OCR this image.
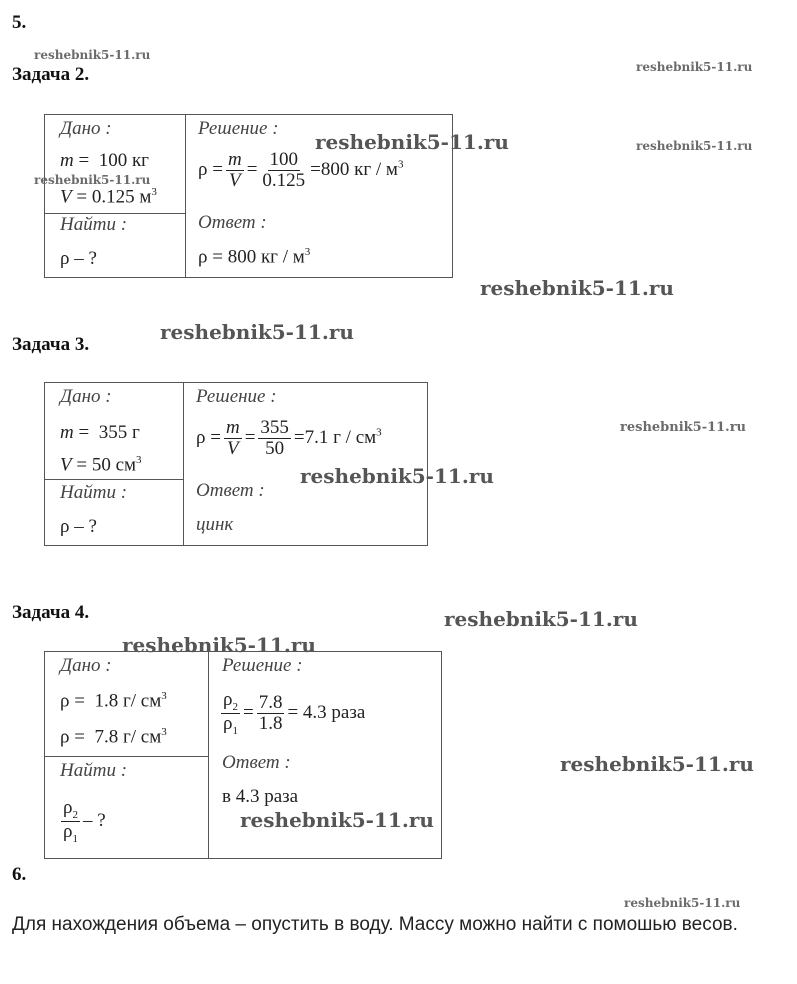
5.
reshebnik5-11.ru
reshebnik5-11.ru
reshebnik5-11.ru
reshebnik5-11.ru
reshebnik5-11.ru
reshebnik5-11.ru
reshebnik5-11.ru
reshebnik5-11.ru
reshebnik5-11.ru
reshebnik5-11.ru
reshebnik5-11.ru
Задача 2.
Дано :
m =  100 кг
V = 0.125 $м^3$
reshebnik5-11.ru
Найти :
ρ – ?
Решение :
$\rho = \frac{m}{V} = \frac{100}{0.125} =800$ кг / $м^3$
Ответ :
ρ = 800 кг / $м^3$
Задача 3.
Дано :
m =  355 г
V = 50 $см^3$
Найти :
ρ – ?
Решение :
$\rho = \frac{m}{V} = \frac{355}{50} =7.1$ г / $см^3$
reshebnik5-11.ru
Ответ :
цинк
Задача 4.
Дано :
ρ =  1.8 г/ $см^3$
ρ =  7.8 г/ $см^3$
Найти :
$\frac{\rho_2}{\rho_1}$ – ?
Решение :
$\frac{\rho_2}{\rho_1} = \frac{7.8}{1.8} = 4.3$ раза
Ответ :
в 4.3 раза
reshebnik5-11.ru
6.
Для нахождения объема – опустить в воду. Массу можно найти с помошью весов.
